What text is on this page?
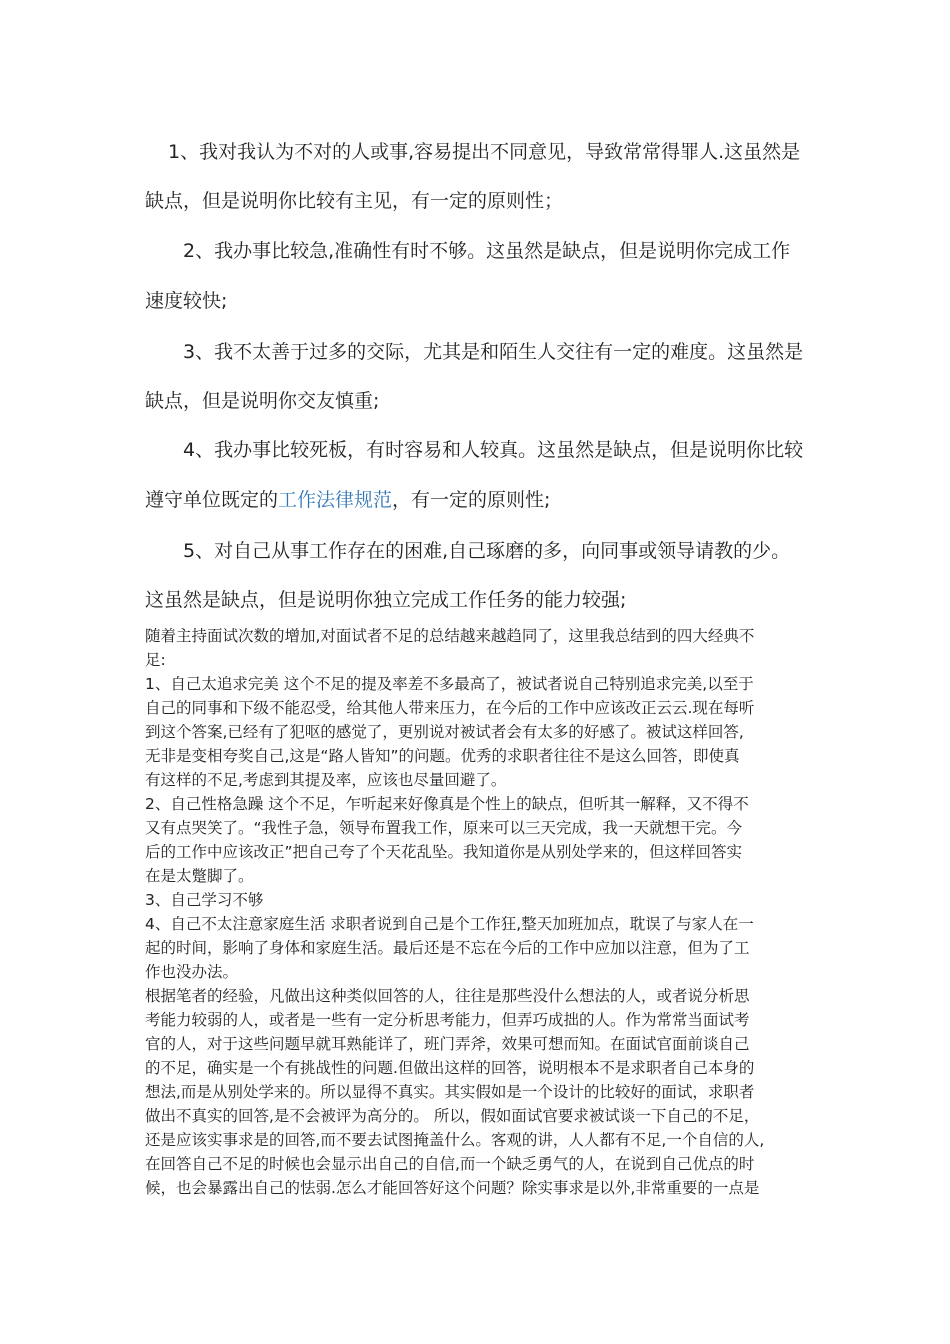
1、我对我认为不对的人或事,容易提出不同意见，导致常常得罪人.这虽然是
缺点，但是说明你比较有主见，有一定的原则性；
2、我办事比较急,准确性有时不够。这虽然是缺点，但是说明你完成工作
速度较快;
3、我不太善于过多的交际，尤其是和陌生人交往有一定的难度。这虽然是
缺点，但是说明你交友慎重;
4、我办事比较死板，有时容易和人较真。这虽然是缺点，但是说明你比较
遵守单位既定的工作法律规范，有一定的原则性;
5、对自己从事工作存在的困难,自己琢磨的多，向同事或领导请教的少。
这虽然是缺点，但是说明你独立完成工作任务的能力较强;
随着主持面试次数的增加,对面试者不足的总结越来越趋同了，这里我总结到的四大经典不
足:
1、自己太追求完美 这个不足的提及率差不多最高了，被试者说自己特别追求完美,以至于
自己的同事和下级不能忍受，给其他人带来压力，在今后的工作中应该改正云云.现在每听
到这个答案,已经有了犯呕的感觉了，更别说对被试者会有太多的好感了。被试这样回答,
无非是变相夸奖自己,这是“路人皆知”的问题。优秀的求职者往往不是这么回答，即使真
有这样的不足,考虑到其提及率，应该也尽量回避了。
2、自己性格急躁 这个不足，乍听起来好像真是个性上的缺点，但听其一解释，又不得不
又有点哭笑了。“我性子急，领导布置我工作，原来可以三天完成，我一天就想干完。今
后的工作中应该改正”把自己夸了个天花乱坠。我知道你是从别处学来的，但这样回答实
在是太蹩脚了。
3、自己学习不够
4、自己不太注意家庭生活 求职者说到自己是个工作狂,整天加班加点，耽误了与家人在一
起的时间，影响了身体和家庭生活。最后还是不忘在今后的工作中应加以注意，但为了工
作也没办法。
根据笔者的经验，凡做出这种类似回答的人，往往是那些没什么想法的人，或者说分析思
考能力较弱的人，或者是一些有一定分析思考能力，但弄巧成拙的人。作为常常当面试考
官的人，对于这些问题早就耳熟能详了，班门弄斧，效果可想而知。在面试官面前谈自己
的不足，确实是一个有挑战性的问题.但做出这样的回答，说明根本不是求职者自己本身的
想法,而是从别处学来的。所以显得不真实。其实假如是一个设计的比较好的面试，求职者
做出不真实的回答,是不会被评为高分的。 所以，假如面试官要求被试谈一下自己的不足，
还是应该实事求是的回答,而不要去试图掩盖什么。客观的讲，人人都有不足,一个自信的人,
在回答自己不足的时候也会显示出自己的自信,而一个缺乏勇气的人，在说到自己优点的时
候，也会暴露出自己的怯弱.怎么才能回答好这个问题？除实事求是以外,非常重要的一点是
